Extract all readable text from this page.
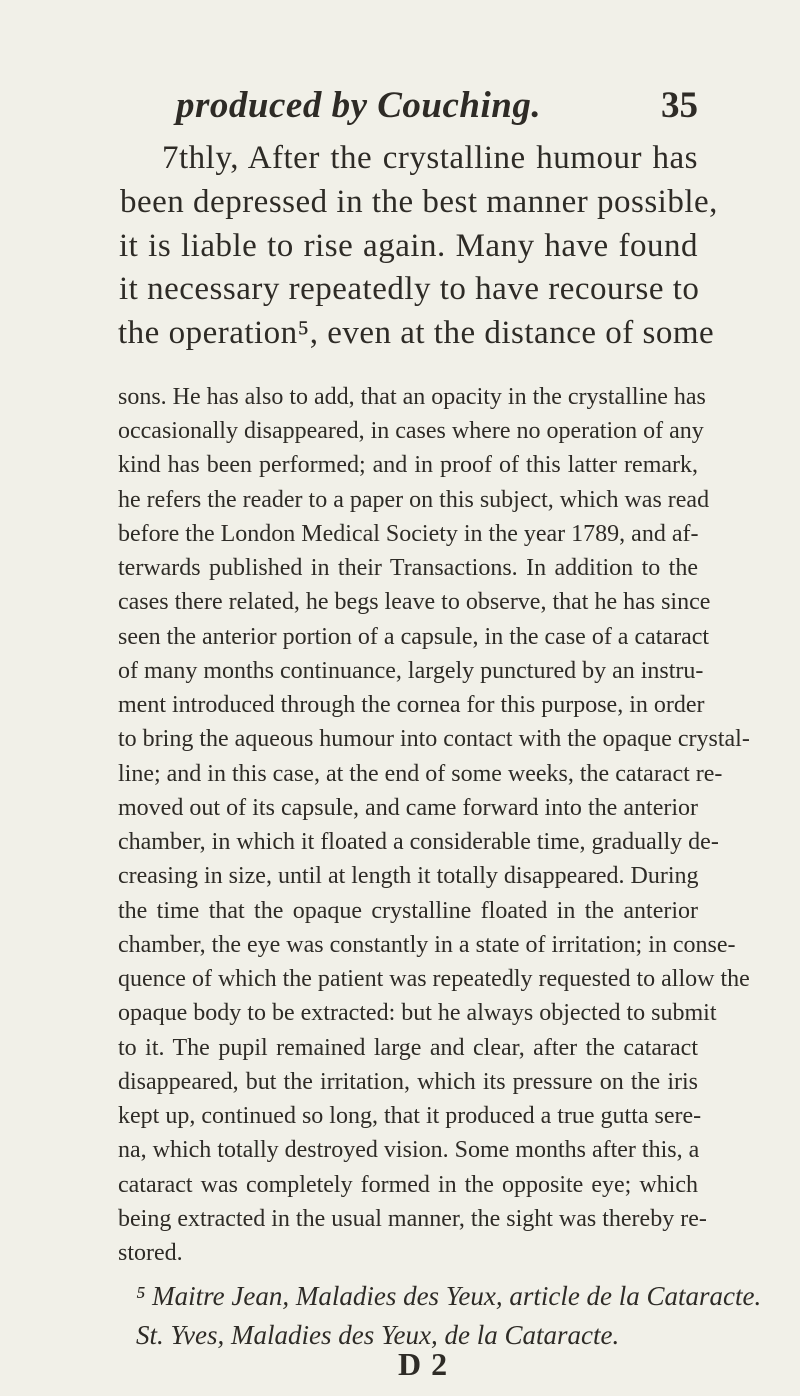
produced by Couching.	35
7thly, After the crystalline humour has
been depressed in the best manner possible,
it is liable to rise again. Many have found
it necessary repeatedly to have recourse to
the operation⁵, even at the distance of some
sons. He has also to add, that an opacity in the crystalline has
occasionally disappeared, in cases where no operation of any
kind has been performed; and in proof of this latter remark,
he refers the reader to a paper on this subject, which was read
before the London Medical Society in the year 1789, and af-
terwards published in their Transactions. In addition to the
cases there related, he begs leave to observe, that he has since
seen the anterior portion of a capsule, in the case of a cataract
of many months continuance, largely punctured by an instru-
ment introduced through the cornea for this purpose, in order
to bring the aqueous humour into contact with the opaque crystal-
line; and in this case, at the end of some weeks, the cataract re-
moved out of its capsule, and came forward into the anterior
chamber, in which it floated a considerable time, gradually de-
creasing in size, until at length it totally disappeared. During
the time that the opaque crystalline floated in the anterior
chamber, the eye was constantly in a state of irritation; in conse-
quence of which the patient was repeatedly requested to allow the
opaque body to be extracted: but he always objected to submit
to it. The pupil remained large and clear, after the cataract
disappeared, but the irritation, which its pressure on the iris
kept up, continued so long, that it produced a true gutta sere-
na, which totally destroyed vision. Some months after this, a
cataract was completely formed in the opposite eye; which
being extracted in the usual manner, the sight was thereby re-
stored.
⁵ Maitre Jean, Maladies des Yeux, article de la Cataracte.
St. Yves, Maladies des Yeux, de la Cataracte.
D 2
